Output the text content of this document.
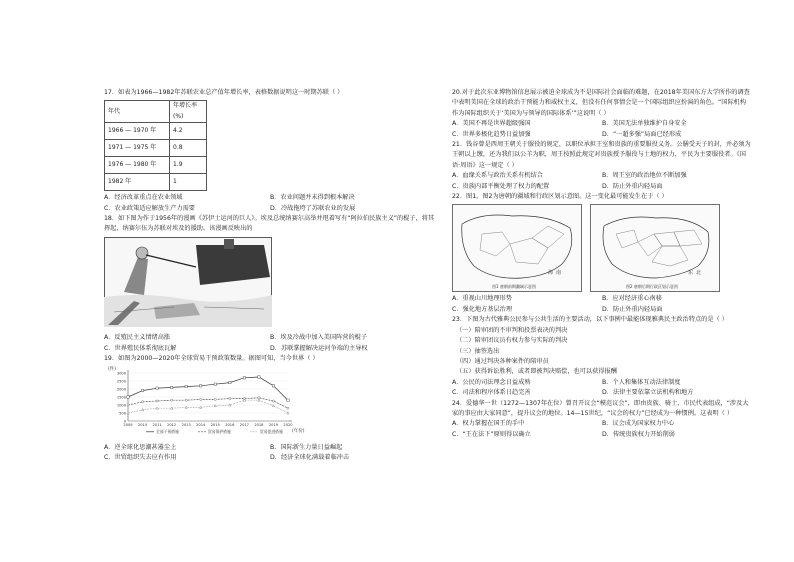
17．如表为1966—1982年苏联农业总产值年增长率，表格数据说明这一时期苏联（ ）

年代	年增长率(%)
1966 — 1970 年	4.2
1971 — 1975 年	0.8
1976 — 1980 年	1.9
1982 年	1
A．经济改革重点在农业领域	B．农业问题并未得到根本解决
C．农业政策适应解放生产力需要	D．冷战拖垮了苏联农业的发展

18．如下图为作于1956年的漫画《苏伊士运河的巨人》。埃及总统纳赛尔高举并甩着写有“阿拉伯民族主义”的棍子，将其挥起，纳赛尔伍为苏联对埃及的援助。该漫画反映出的

A．反殖民主义情绪高涨	B．埃及冷战中加入美国阵营的棍子
C．世界殖民体系彻底瓦解	D．苏联掌握解决运河争端的主导权

19．如图为2000—2020年全球贸易干预政策数量。据图可知，当今世界（ ）

0
500
1000
1500
2000
2500
3000
2009 2010 2011 2012 2013 2014 2015 2016 2017 2018 2019 2020
(件)
(年份)
全部干预措施	贸易保护措施	贸易促进措施
A．逆全球化思潮甚嚣尘上	B．国际新生力量日益崛起
C．世贸组织失去应有作用	D．经济全球化满载着临冲击

20.对于此次东亚博物馆信息展示被迫全球成为不是国际社会面临的难题，在2018年美国东方大学所作的调查中表明美国在全球的政治干预能力和威权主义，但没有任何事情会是一个国际组织应扮演的角色。“国际机构作为国际组织关于‘美国为与领导的国际体系’”这说明（ ）

A．美国不再是世界超级强国	B．美国无法单独维护自身安全
C．世界多极化趋势日益加强	D．“一超多强”局面已经形成

21．钱谷曾是西周王朝关于服役的规定，以职位承担王室和贵族的重要服役义务。公膳受天子的封，并必须为王朝以上缴，还为我们以公羊为职，周王按照此规定对贵族授予服役与土地的权力，平民为主要服役者。《国语·周语》这一规定（ ）

A．血缘关系与政治关系有机结合	B．周王室的政治地位不断加强
C．贵族内部平衡处理了权力的配置	D．防止外重内轻局面

22．图1，图2为唐朝的疆域和行政区划示意图。这一变化最可能发生在于（ ）

海 南
图1 唐朝前期疆域示意图
东 北
图2 唐朝后期行政区划示意图
A．重视山川地理形势	B．应对经济重心南移
C．强化地方基层治理	D．防止外重内轻局面

23．下图为古代雅典公民参与公共生活的主要活动，以下事例中最能体现雅典民主政治特点的是（ ）

（一）陪审团的不审判和投票表决的判决
（二）陪审团议员有权力参与实际的判决
（三）抽签选出
（四）通过判决各种案件的陪审员
（五）获得诉讼胜利，或者即被判决赔偿，也可以获得报酬
A．公民的司法理念日益成熟	B．个人和集体互动法律制度
C．司法和程序体系日趋完善	D．法律主要依靠立法机构和地方

24．爱德华一世（1272—1307年在位）曾召开议会“模范议会”，即由贵族、骑士、市民代表组成，“涉及大家的事应由大家同意”，提升议会的地位。14—15世纪，“议会的权力”已经成为一种惯例。这表明（ ）

A．权力掌握在国王的手中	B．议会成为国家权力中心
C．“王在法下”原则得以确立	D．传统贵族权力开始削弱
